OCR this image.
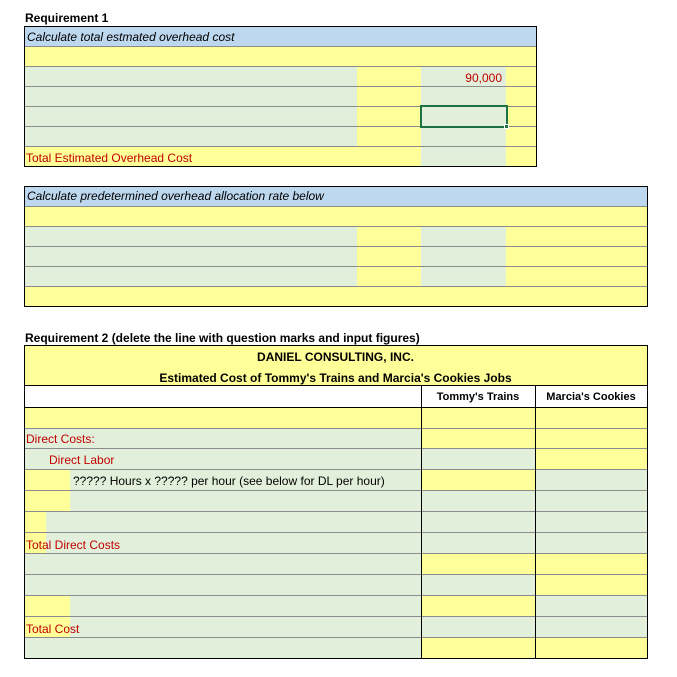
Requirement 1
Calculate total estmated overhead cost
90,000
Total Estimated Overhead Cost
Calculate predetermined overhead allocation rate below
Requirement 2 (delete the line with question marks and input figures)
DANIEL CONSULTING, INC.
Estimated Cost of Tommy's Trains and Marcia's Cookies Jobs
Tommy's Trains	Marcia's Cookies
Direct Costs:
Direct Labor
????? Hours x ????? per hour (see below for DL per hour)
Total Direct Costs
Total Cost
